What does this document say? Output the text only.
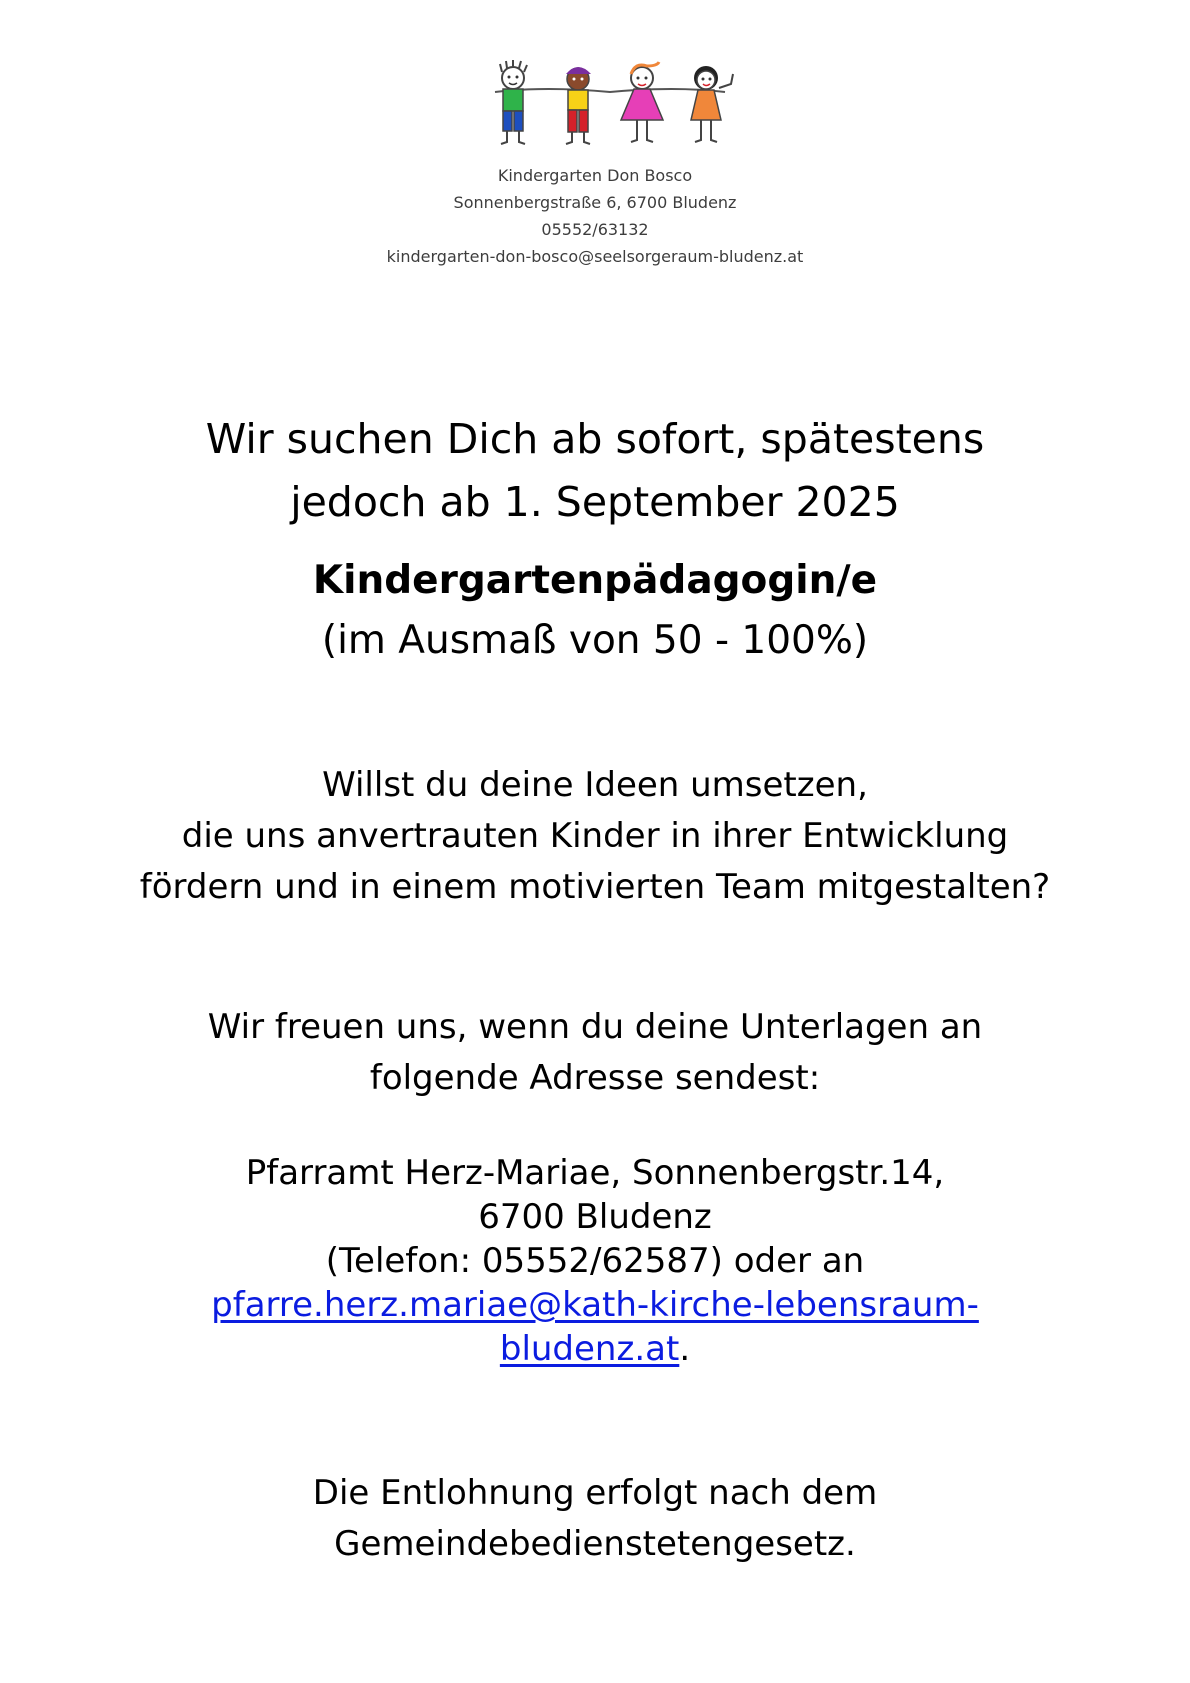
Kindergarten Don Bosco
Sonnenbergstraße 6, 6700 Bludenz
05552/63132
kindergarten-don-bosco@seelsorgeraum-bludenz.at
Wir suchen Dich ab sofort, spätestens
jedoch ab 1. September 2025
Kindergartenpädagogin/e
(im Ausmaß von 50 - 100%)
Willst du deine Ideen umsetzen,
die uns anvertrauten Kinder in ihrer Entwicklung
fördern und in einem motivierten Team mitgestalten?
Wir freuen uns, wenn du deine Unterlagen an
folgende Adresse sendest:
Pfarramt Herz-Mariae, Sonnenbergstr.14,
6700 Bludenz
(Telefon: 05552/62587) oder an
pfarre.herz.mariae@kath-kirche-lebensraum-
bludenz.at.
Die Entlohnung erfolgt nach dem
Gemeindebedienstetengesetz.
